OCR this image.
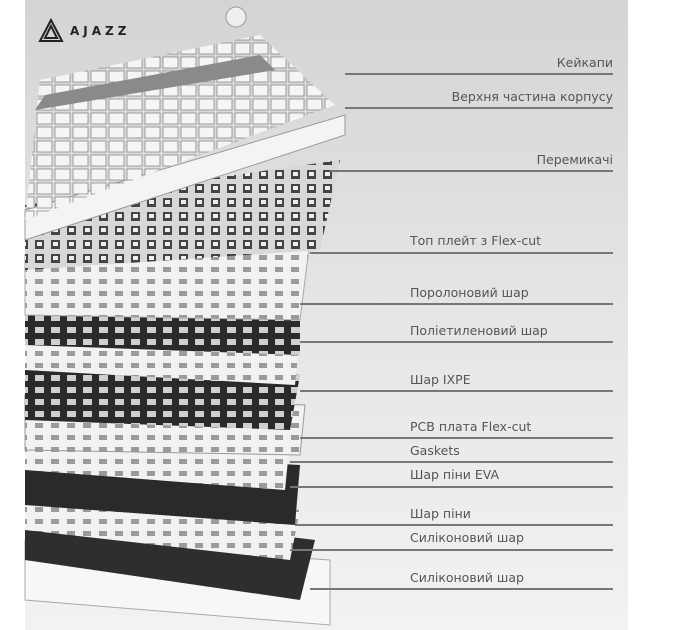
AJAZZ
Кейкапи
Верхня частина корпусу
Перемикачі
Топ плейт з Flex-cut
Поролоновий шар
Поліетиленовий шар
Шар IXPE
PCB плата Flex-cut
Gaskets
Шар піни EVA
Шар піни
Силіконовий шар
Силіконовий шар
